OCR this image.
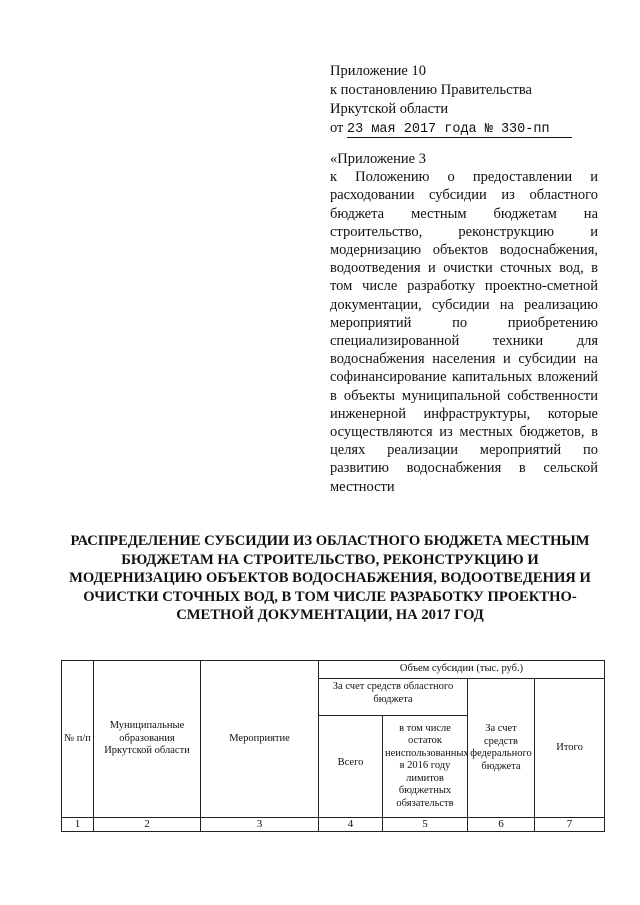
Приложение 10
к постановлению Правительства
Иркутской области
от 23 мая 2017 года № 330-пп
«Приложение 3
к Положению о предоставлении и расходовании субсидии из областного бюджета местным бюджетам на строительство, реконструкцию и модернизацию объектов водоснабжения, водоотведения и очистки сточных вод, в том числе разработку проектно-сметной документации, субсидии на реализацию мероприятий по приобретению специализированной техники для водоснабжения населения и субсидии на софинансирование капитальных вложений в объекты муниципальной собственности инженерной инфраструктуры, которые осуществляются из местных бюджетов, в целях реализации мероприятий по развитию водоснабжения в сельской местности
РАСПРЕДЕЛЕНИЕ СУБСИДИИ ИЗ ОБЛАСТНОГО БЮДЖЕТА МЕСТНЫМ БЮДЖЕТАМ НА СТРОИТЕЛЬСТВО, РЕКОНСТРУКЦИЮ И МОДЕРНИЗАЦИЮ ОБЪЕКТОВ ВОДОСНАБЖЕНИЯ, ВОДООТВЕДЕНИЯ И ОЧИСТКИ СТОЧНЫХ ВОД, В ТОМ ЧИСЛЕ РАЗРАБОТКУ ПРОЕКТНО-СМЕТНОЙ ДОКУМЕНТАЦИИ, НА 2017 ГОД
№ п/п	Муниципальные образования Иркутской области	Мероприятие	Объем субсидии (тыс. руб.)			
			За счет средств областного бюджета		За счет средств федерального бюджета	Итого
			Всего	в том числе остаток неиспользованных в 2016 году лимитов бюджетных обязательств		
1	2	3	4	5	6	7
